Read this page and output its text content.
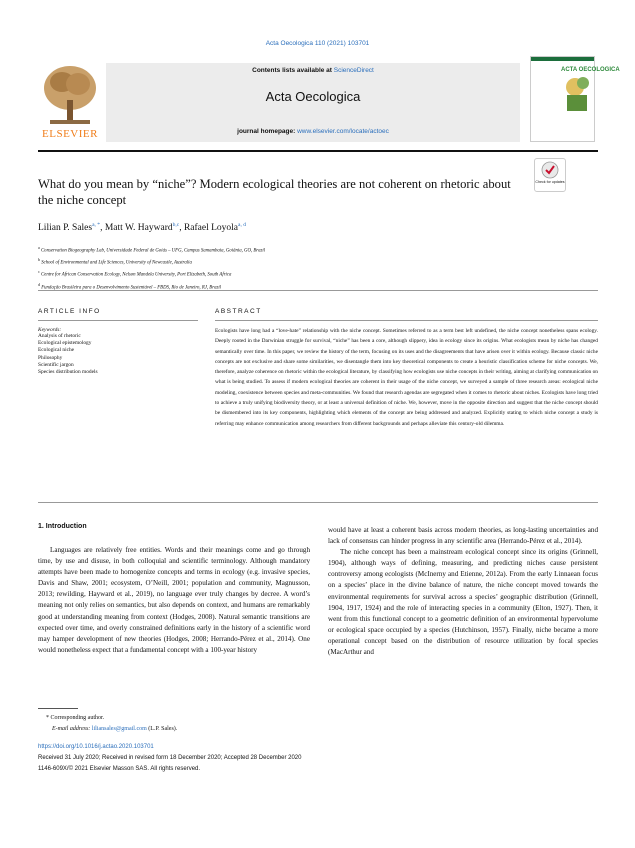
Acta Oecologica 110 (2021) 103701
ELSEVIER
Contents lists available at ScienceDirect
Acta Oecologica
journal homepage: www.elsevier.com/locate/actoec
ACTA OECOLOGICA
Check for updates
What do you mean by “niche”? Modern ecological theories are not coherent on rhetoric about the niche concept
Lilian P. Sales$^{a, *}$, Matt W. Hayward$^{b,c}$, Rafael Loyola$^{a, d}$
$^a$ Conservation Biogeography Lab, Universidade Federal de Goiás – UFG, Campus Samambaia, Goiânia, GO, Brazil
$^b$ School of Environmental and Life Sciences, University of Newcastle, Australia
$^c$ Centre for African Conservation Ecology, Nelson Mandela University, Port Elizabeth, South Africa
$^d$ Fundação Brasileira para o Desenvolvimento Sustentável – FBDS, Rio de Janeiro, RJ, Brazil
ARTICLE INFO	ABSTRACT
Keywords:
Analysis of rhetoric
Ecological epistemology
Ecological niche
Philosophy
Scientific jargon
Species distribution models

Ecologists have long had a “love-hate” relationship with the niche concept. Sometimes referred to as a term best left undefined, the niche concept nonetheless spans ecology. Deeply rooted in the Darwinian struggle for survival, “niche” has been a core, although slippery, idea in ecology since its origins. What ecologists mean by niche has changed semantically over time. In this paper, we review the history of the term, focusing on its uses and the disagreements that have arisen over it within ecology. Because classic niche concepts are not exclusive and share some similarities, we disentangle them into key theoretical components to create a heuristic classification scheme for niche concepts. We, therefore, analyze coherence on rhetoric within the ecological literature, by classifying how ecologists use niche concepts in their writing, aiming at clarifying communication on what is being studied. To assess if modern ecological theories are coherent in their usage of the niche concept, we surveyed a sample of three research areas: ecological niche modeling, coexistence between species and meta-communities. We found that research agendas are segregated when it comes to rhetoric about niches. Ecologists have long tried to achieve a truly unifying biodiversity theory, or at least a universal definition of niche. We, however, move in the opposite direction and suggest that the niche concept should be dismembered into its key components, highlighting which elements of the concept are being addressed and analyzed. Explicitly stating to which niche concept a study is referring may enhance communication among researchers from different backgrounds and perhaps alleviate this century-old dilemma.

1. Introduction

Languages are relatively free entities. Words and their meanings come and go through time, by use and disuse, in both colloquial and scientific terminology. Although mandatory attempts have been made to homogenize concepts and terms in ecology (e.g. invasive species, Davis and Shaw, 2001; ecosystem, O’Neill, 2001; population and community, Magnusson, 2013; rewilding, Hayward et al., 2019), no language ever truly changes by decree. A word’s meaning not only relies on semantics, but also depends on context, and humans are remarkably good at understanding meaning from context (Hodges, 2008). Natural semantic transitions are expected over time, and overly constrained definitions early in the history of a scientific word may hamper development of new theories (Hodges, 2008; Herrando-Pérez et al., 2014). One would nonetheless expect that a fundamental concept with a 100-year history

would have at least a coherent basis across modern theories, as long-lasting uncertainties and lack of consensus can hinder progress in any scientific area (Herrando-Pérez et al., 2014).

The niche concept has been a mainstream ecological concept since its origins (Grinnell, 1904), although ways of defining, measuring, and predicting niches cause persistent controversy among ecologists (McInerny and Etienne, 2012a). From the early Linnaean focus on a species’ place in the divine balance of nature, the niche concept moved towards the environmental requirements for survival across a species’ geographic distribution (Grinnell, 1904, 1917, 1924) and the role of interacting species in a community (Elton, 1927). Then, it went from this functional concept to a geometric definition of an environmental hypervolume or ecological space occupied by a species (Hutchinson, 1957). Finally, niche became a more operational concept based on the distribution of resource utilization by focal species (MacArthur and

* Corresponding author.
E-mail address: liliansales@gmail.com (L.P. Sales).
https://doi.org/10.1016/j.actao.2020.103701
Received 31 July 2020; Received in revised form 18 December 2020; Accepted 28 December 2020
1146-609X/© 2021 Elsevier Masson SAS. All rights reserved.
